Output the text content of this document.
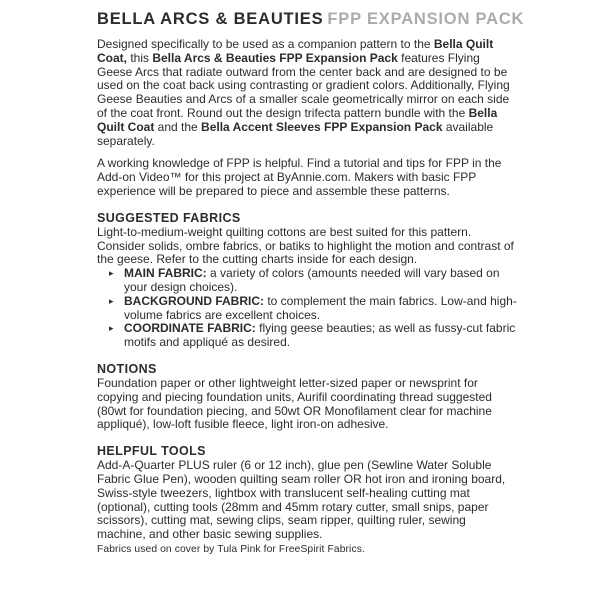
BELLA ARCS & BEAUTIES FPP EXPANSION PACK

Designed specifically to be used as a companion pattern to the Bella Quilt Coat, this Bella Arcs & Beauties FPP Expansion Pack features Flying Geese Arcs that radiate outward from the center back and are designed to be used on the coat back using contrasting or gradient colors. Additionally, Flying Geese Beauties and Arcs of a smaller scale geometrically mirror on each side of the coat front. Round out the design trifecta pattern bundle with the Bella Quilt Coat and the Bella Accent Sleeves FPP Expansion Pack available separately.

A working knowledge of FPP is helpful. Find a tutorial and tips for FPP in the Add-on Video™ for this project at ByAnnie.com. Makers with basic FPP experience will be prepared to piece and assemble these patterns.

SUGGESTED FABRICS

Light-to-medium-weight quilting cottons are best suited for this pattern. Consider solids, ombre fabrics, or batiks to highlight the motion and contrast of the geese. Refer to the cutting charts inside for each design.

▸ MAIN FABRIC: a variety of colors (amounts needed will vary based on your design choices).
▸ BACKGROUND FABRIC: to complement the main fabrics. Low-and high-volume fabrics are excellent choices.
▸ COORDINATE FABRIC: flying geese beauties; as well as fussy-cut fabric motifs and appliqué as desired.
NOTIONS

Foundation paper or other lightweight letter-sized paper or newsprint for copying and piecing foundation units, Aurifil coordinating thread suggested (80wt for foundation piecing, and 50wt OR Monofilament clear for machine appliqué), low-loft fusible fleece, light iron-on adhesive.

HELPFUL TOOLS

Add-A-Quarter PLUS ruler (6 or 12 inch), glue pen (Sewline Water Soluble Fabric Glue Pen), wooden quilting seam roller OR hot iron and ironing board, Swiss-style tweezers, lightbox with translucent self-healing cutting mat (optional), cutting tools (28mm and 45mm rotary cutter, small snips, paper scissors), cutting mat, sewing clips, seam ripper, quilting ruler, sewing machine, and other basic sewing supplies.

Fabrics used on cover by Tula Pink for FreeSpirit Fabrics.
